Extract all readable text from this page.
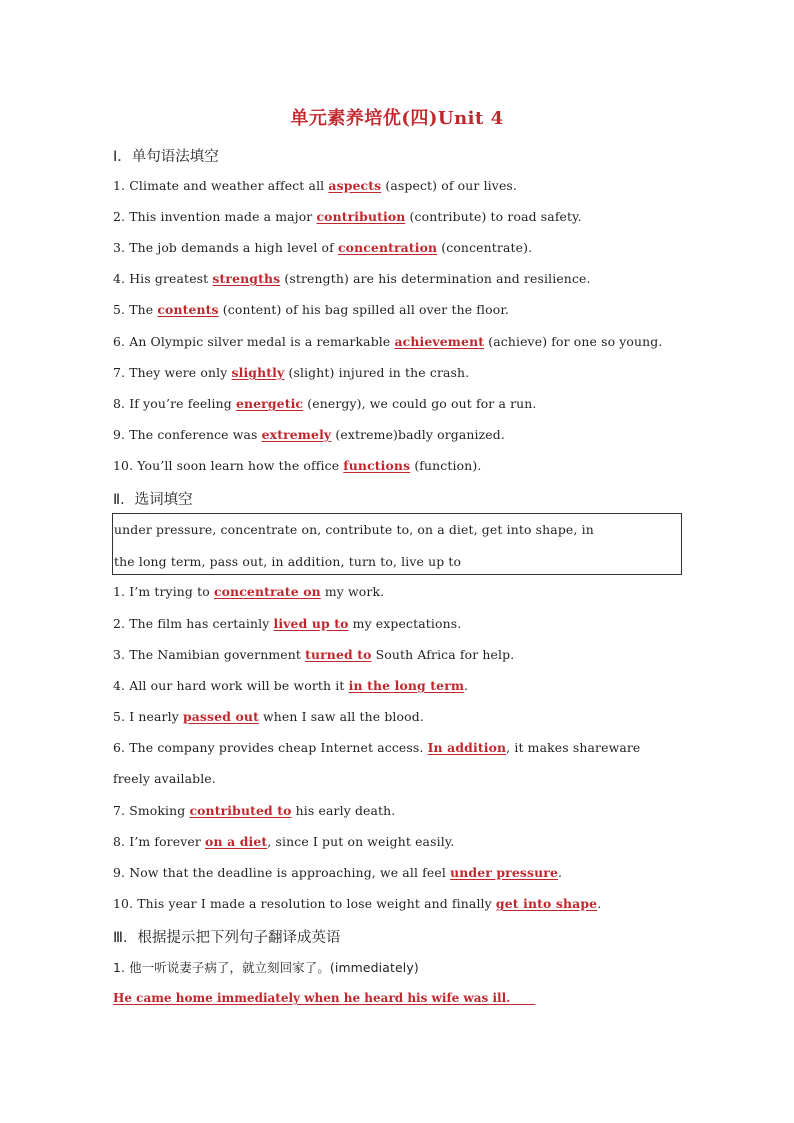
单元素养培优(四)Unit 4
Ⅰ．单句语法填空
1. Climate and weather affect all aspects (aspect) of our lives.
2. This invention made a major contribution (contribute) to road safety.
3. The job demands a high level of concentration (concentrate).
4. His greatest strengths (strength) are his determination and resilience.
5. The contents (content) of his bag spilled all over the floor.
6. An Olympic silver medal is a remarkable achievement (achieve) for one so young.
7. They were only slightly (slight) injured in the crash.
8. If you’re feeling energetic (energy), we could go out for a run.
9. The conference was extremely (extreme)badly organized.
10. You’ll soon learn how the office functions (function).
Ⅱ．选词填空
under pressure, concentrate on, contribute to, on a diet, get into shape, in
the long term, pass out, in addition, turn to, live up to
1. I’m trying to concentrate on my work.
2. The film has certainly lived up to my expectations.
3. The Namibian government turned to South Africa for help.
4. All our hard work will be worth it in the long term.
5. I nearly passed out when I saw all the blood.
6. The company provides cheap Internet access. In addition, it makes shareware
freely available.
7. Smoking contributed to his early death.
8. I’m forever on a diet, since I put on weight easily.
9. Now that the deadline is approaching, we all feel under pressure.
10. This year I made a resolution to lose weight and finally get into shape.
Ⅲ．根据提示把下列句子翻译成英语
1. 他一听说妻子病了，就立刻回家了。(immediately)
He came home immediately when he heard his wife was ill.
